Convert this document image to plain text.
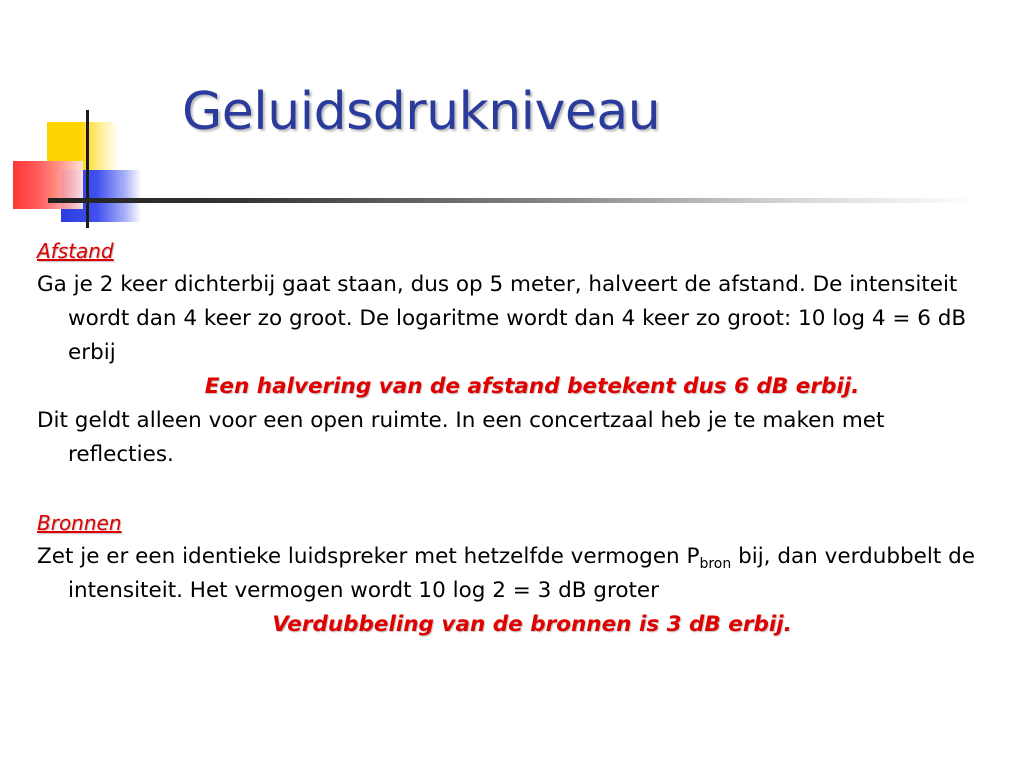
Geluidsdrukniveau

Afstand

Ga je 2 keer dichterbij gaat staan, dus op 5 meter, halveert de afstand. De intensiteit wordt dan 4 keer zo groot. De logaritme wordt dan 4 keer zo groot: 10 log 4 = 6 dB erbij

Een halvering van de afstand betekent dus 6 dB erbij.

Dit geldt alleen voor een open ruimte. In een concertzaal heb je te maken met reflecties.

Bronnen

Zet je er een identieke luidspreker met hetzelfde vermogen $P_{bron}$ bij, dan verdubbelt de intensiteit. Het vermogen wordt 10 log 2 = 3 dB groter

Verdubbeling van de bronnen is 3 dB erbij.
